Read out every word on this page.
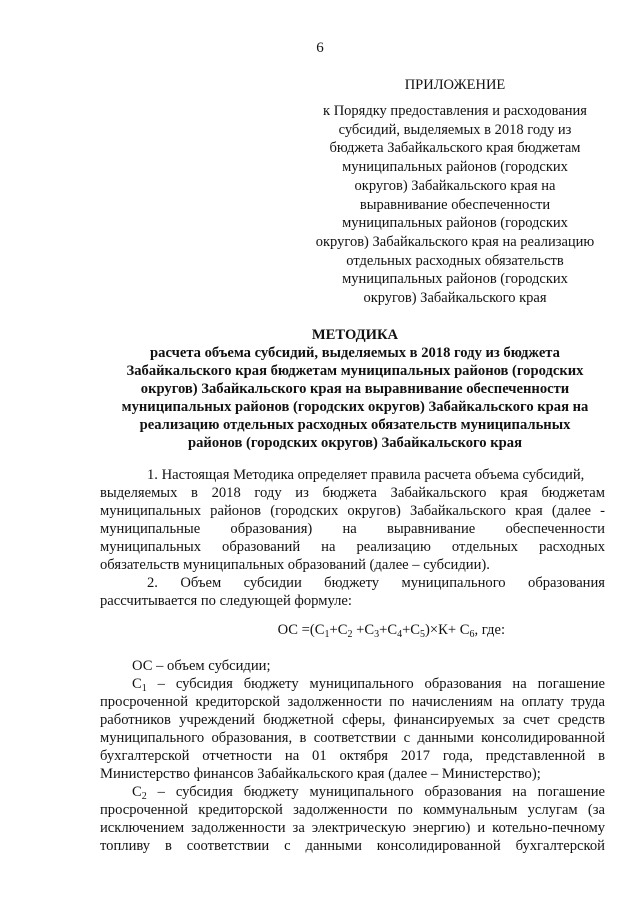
6
ПРИЛОЖЕНИЕ
к Порядку предоставления и расходования
субсидий, выделяемых в 2018 году из
бюджета Забайкальского края бюджетам
муниципальных районов (городских
округов) Забайкальского края на
выравнивание обеспеченности
муниципальных районов (городских
округов) Забайкальского края на реализацию
отдельных расходных обязательств
муниципальных районов (городских
округов) Забайкальского края
МЕТОДИКА
расчета объема субсидий, выделяемых в 2018 году из бюджета
Забайкальского края бюджетам муниципальных районов (городских
округов) Забайкальского края на выравнивание обеспеченности
муниципальных районов (городских округов) Забайкальского края на
реализацию отдельных расходных обязательств муниципальных
районов (городских округов) Забайкальского края
1. Настоящая Методика определяет правила расчета объема субсидий,
выделяемых в 2018 году из бюджета Забайкальского края бюджетам
муниципальных районов (городских округов) Забайкальского края (далее -
муниципальные образования) на выравнивание обеспеченности
муниципальных образований на реализацию отдельных расходных
обязательств муниципальных образований (далее – субсидии).
2. Объем субсидии бюджету муниципального образования
рассчитывается по следующей формуле:
ОС $=(С_1+С_2 +С_3+С_4+С_5)\times К+ С_6$, где:
ОС – объем субсидии;
$С_1$ – субсидия бюджету муниципального образования на погашение
просроченной кредиторской задолженности по начислениям на оплату труда
работников учреждений бюджетной сферы, финансируемых за счет средств
муниципального образования, в соответствии с данными консолидированной
бухгалтерской отчетности на 01 октября 2017 года, представленной в
Министерство финансов Забайкальского края (далее – Министерство);
$С_2$ – субсидия бюджету муниципального образования на погашение
просроченной кредиторской задолженности по коммунальным услугам (за
исключением задолженности за электрическую энергию) и котельно-печному
топливу в соответствии с данными консолидированной бухгалтерской
